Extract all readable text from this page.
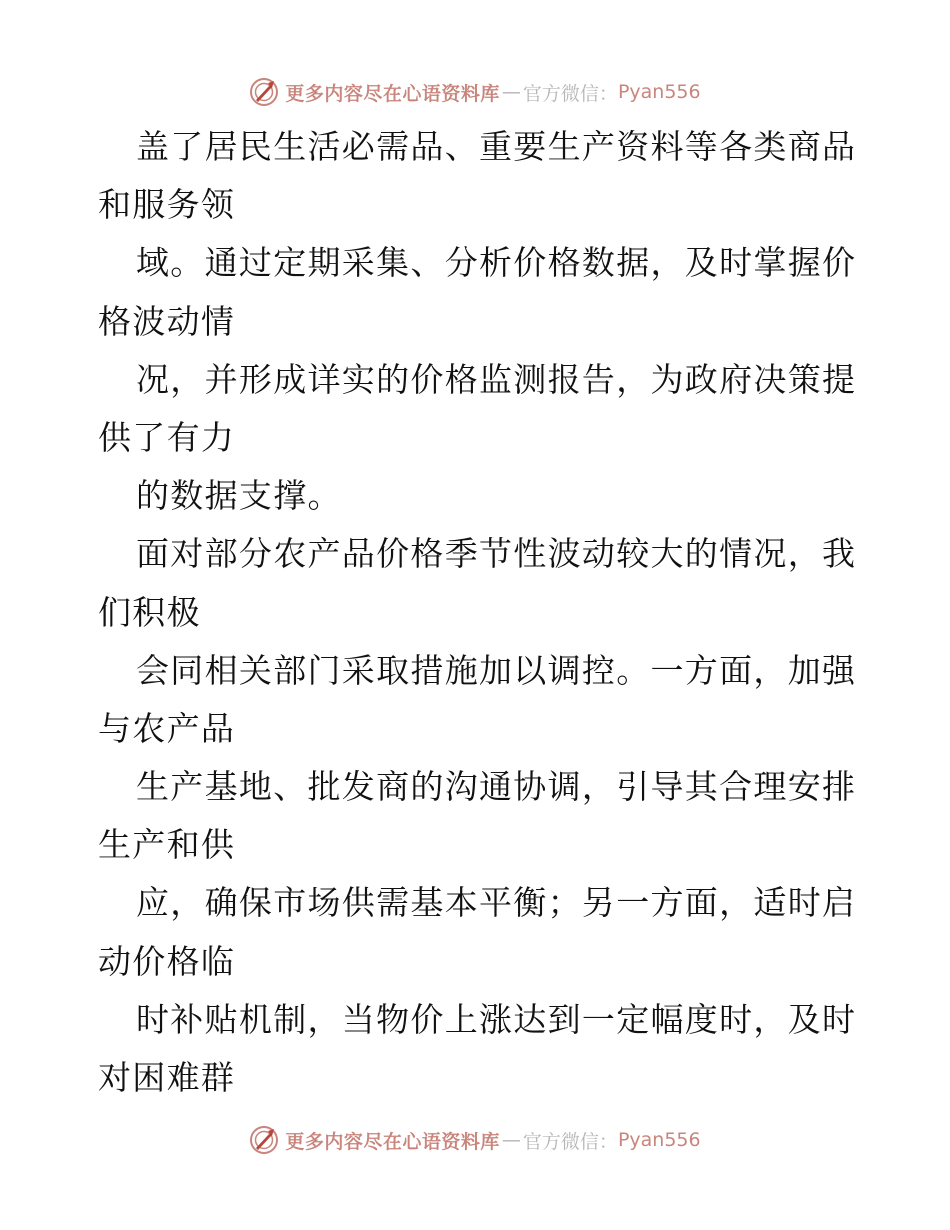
更多内容尽在心语资料库 — 官方微信： Pyan556
盖了居民生活必需品、重要生产资料等各类商品
和服务领
域。通过定期采集、分析价格数据，及时掌握价
格波动情
况，并形成详实的价格监测报告，为政府决策提
供了有力
的数据支撑。
面对部分农产品价格季节性波动较大的情况，我
们积极
会同相关部门采取措施加以调控。一方面，加强
与农产品
生产基地、批发商的沟通协调，引导其合理安排
生产和供
应，确保市场供需基本平衡；另一方面，适时启
动价格临
时补贴机制，当物价上涨达到一定幅度时，及时
对困难群
更多内容尽在心语资料库 — 官方微信： Pyan556
